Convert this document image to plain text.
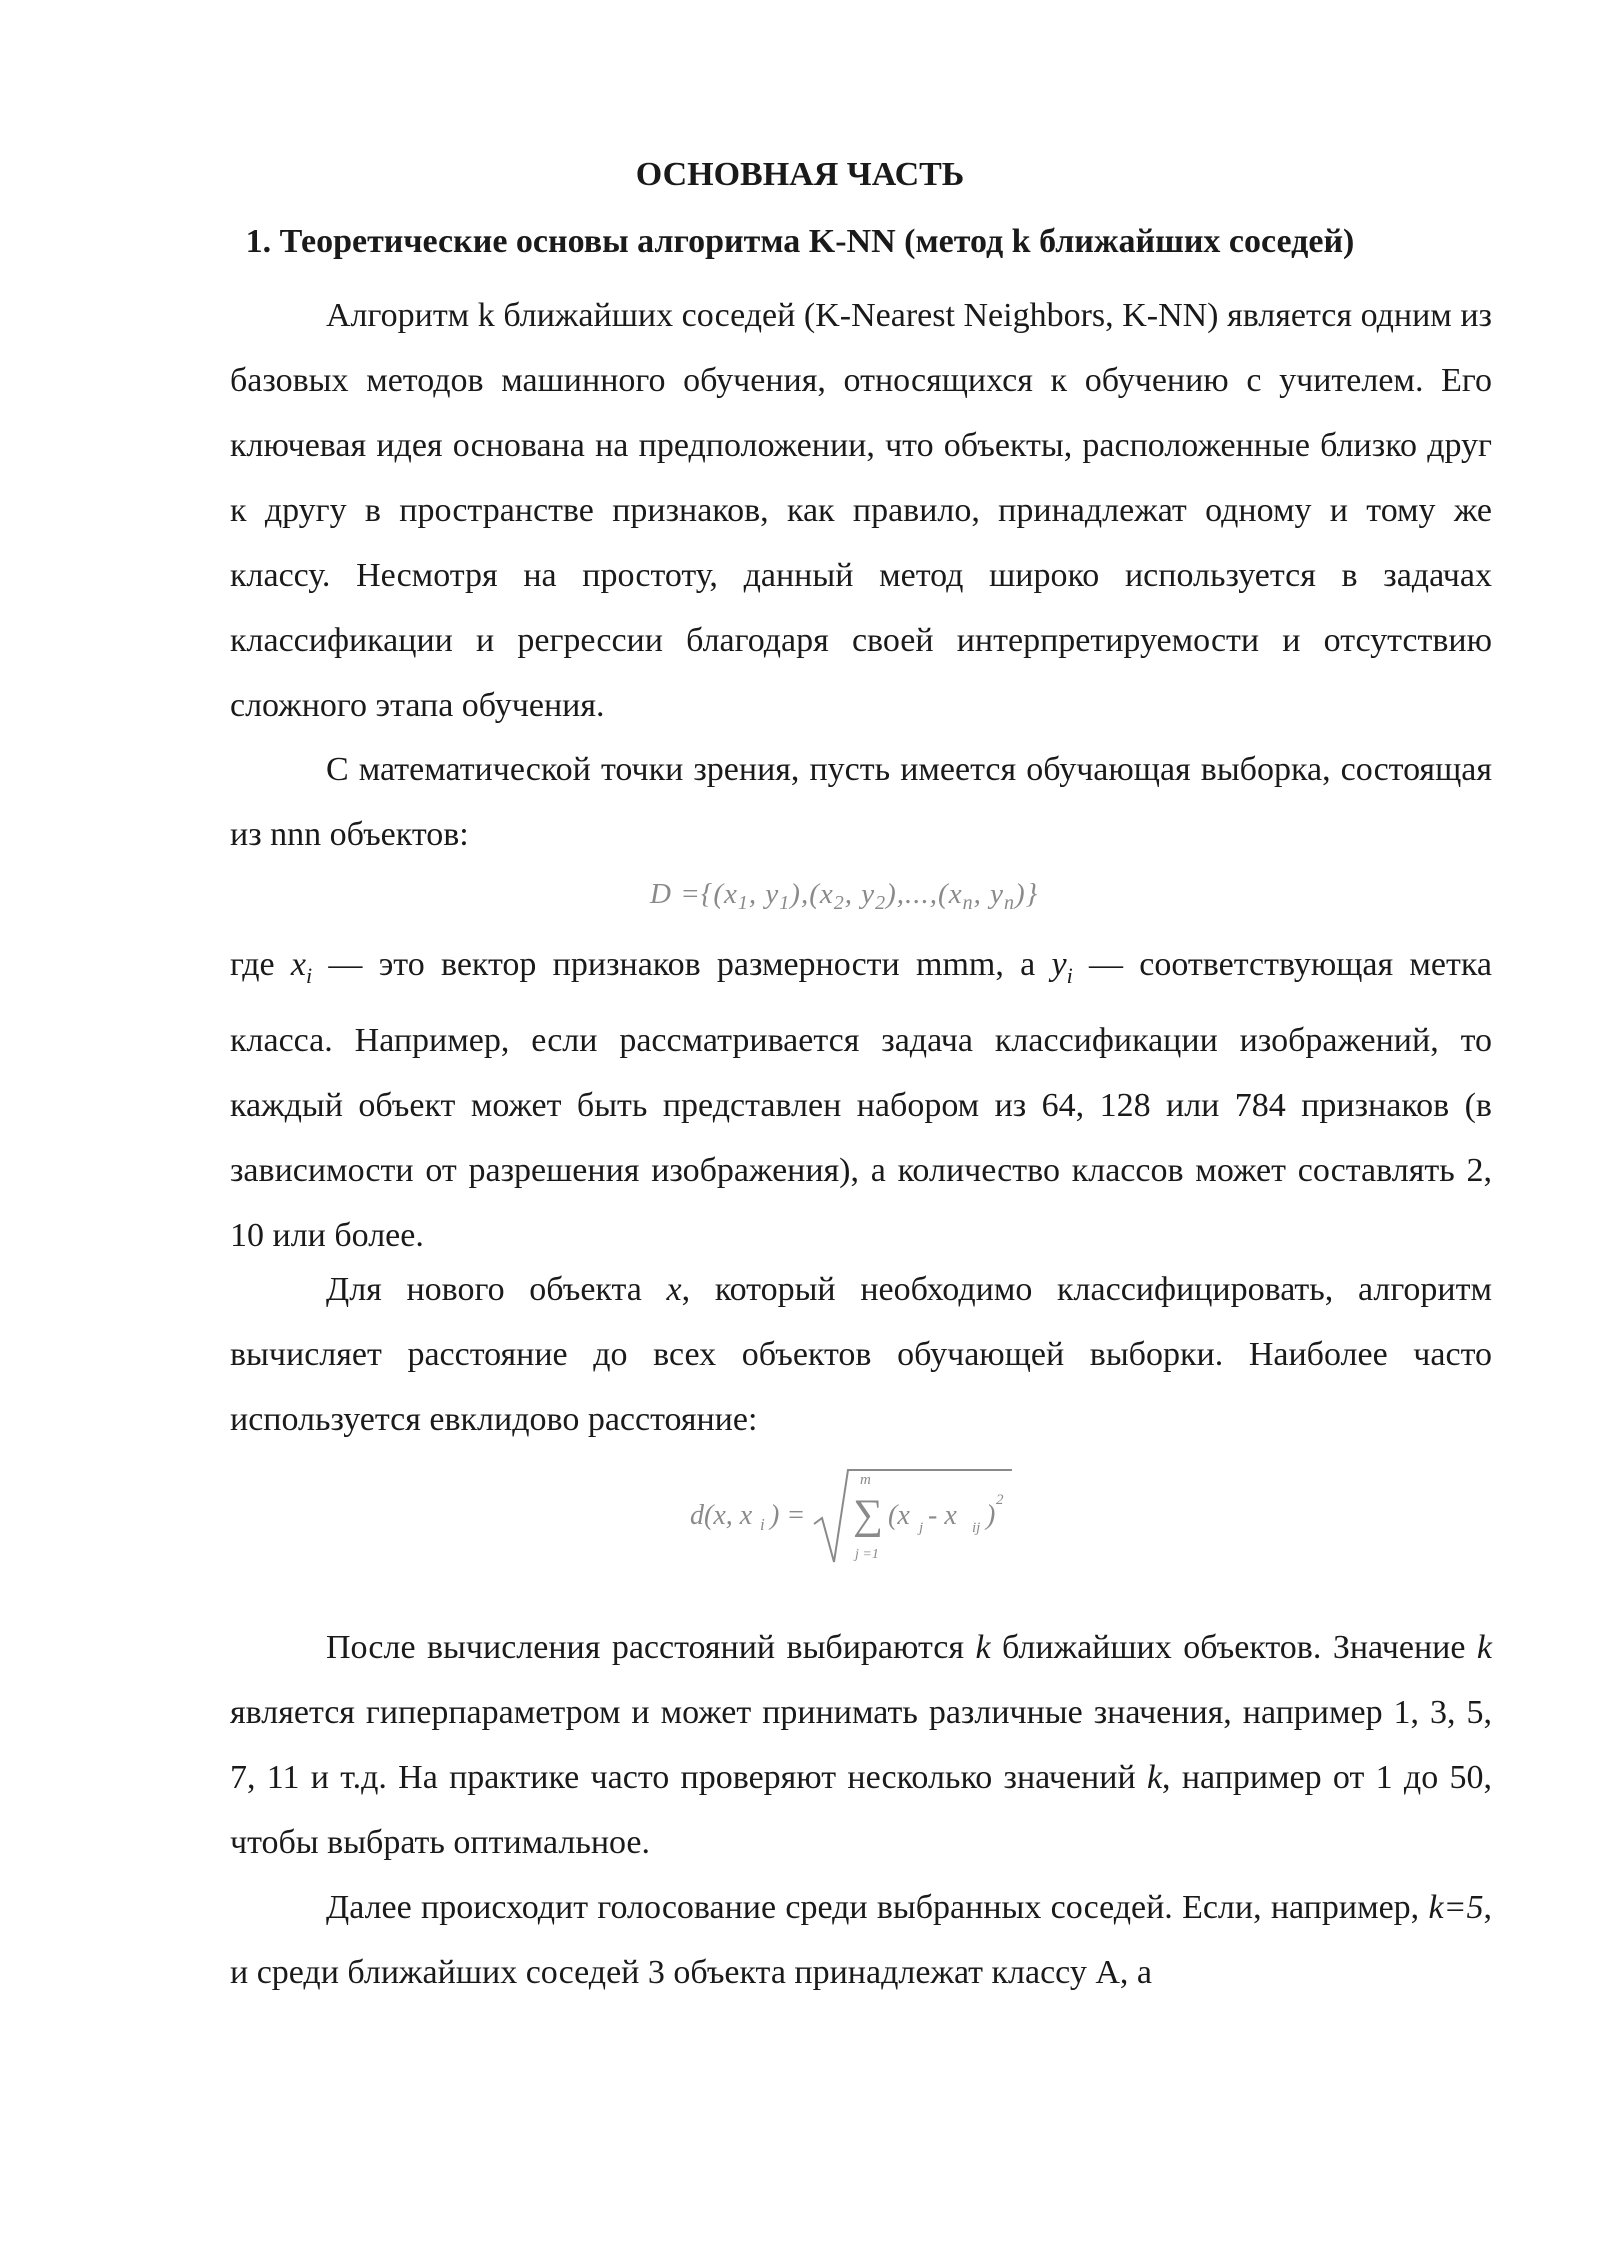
ОСНОВНАЯ ЧАСТЬ
1. Теоретические основы алгоритма K-NN (метод k ближайших соседей)

Алгоритм k ближайших соседей (K-Nearest Neighbors, K-NN) является одним из базовых методов машинного обучения, относящихся к обучению с учителем. Его ключевая идея основана на предположении, что объекты, расположенные близко друг к другу в пространстве признаков, как правило, принадлежат одному и тому же классу. Несмотря на простоту, данный метод широко используется в задачах классификации и регрессии благодаря своей интерпретируемости и отсутствию сложного этапа обучения.

С математической точки зрения, пусть имеется обучающая выборка, состоящая из nnn объектов:

$D =\{(x_1$, $y_1),(x_2$, $y_2),...,(x_n$, $y_n$)}

где $x_i$ — это вектор признаков размерности mmm, а $y_i$ — соответствующая метка класса. Например, если рассматривается задача классификации изображений, то каждый объект может быть представлен набором из 64, 128 или 784 признаков (в зависимости от разрешения изображения), а количество классов может составлять 2, 10 или более.

Для нового объекта x, который необходимо классифицировать, алгоритм вычисляет расстояние до всех объектов обучающей выборки. Наиболее часто используется евклидово расстояние:

d(x, x i ) =
m
∑
j =1
(x j - x ij ) 2

После вычисления расстояний выбираются k ближайших объектов. Значение k является гиперпараметром и может принимать различные значения, например 1, 3, 5, 7, 11 и т.д. На практике часто проверяют несколько значений k, например от 1 до 50, чтобы выбрать оптимальное.

Далее происходит голосование среди выбранных соседей. Если, например, k=5, и среди ближайших соседей 3 объекта принадлежат классу A, а
